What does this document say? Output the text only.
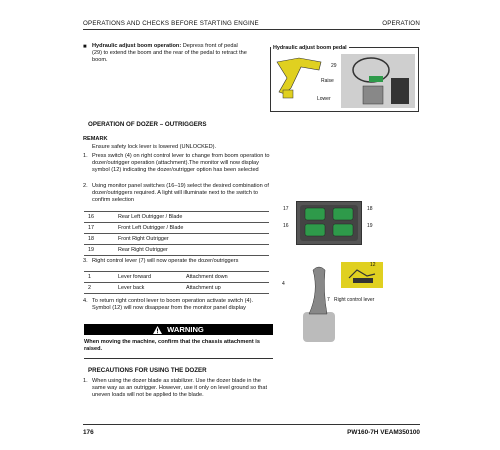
OPERATIONS AND CHECKS BEFORE STARTING ENGINE	OPERATION
■ Hydraulic adjust boom operation: Depress front of pedal (29) to extend the boom and the rear of the pedal to retract the boom.
Hydraulic adjust boom pedal
29
Raise
Lower
OPERATION OF DOZER – OUTRIGGERS
REMARK
Ensure safety lock lever is lowered (UNLOCKED).
1. Press switch (4) on right control lever to change from boom operation to dozer/outrigger operation (attachment).The monitor will now display symbol (12) indicating the dozer/outrigger option has been selected
2. Using monitor panel switches (16–19) select the desired combination of dozer/outriggers required. A light will illuminate next to the switch to confirm selection
16	Rear Left Outrigger / Blade
17	Front Left Outrigger / Blade
18	Front Right Outrigger
19	Rear Right Outrigger
17	18
16	19
3. Right control lever (7) will now operate the dozer/outriggers
1	Lever forward	Attachment down
2	Lever back	Attachment up
4. To return right control lever to boom operation activate switch (4). Symbol (12) will now disappear from the monitor panel display
4
12
7 Right control lever
WARNING
When moving the machine, confirm that the chassis attachment is raised.
PRECAUTIONS FOR USING THE DOZER
1. When using the dozer blade as stabilizer. Use the dozer blade in the same way as an outrigger. However, use it only on level ground so that uneven loads will not be applied to the blade.
176	PW160-7H VEAM350100
